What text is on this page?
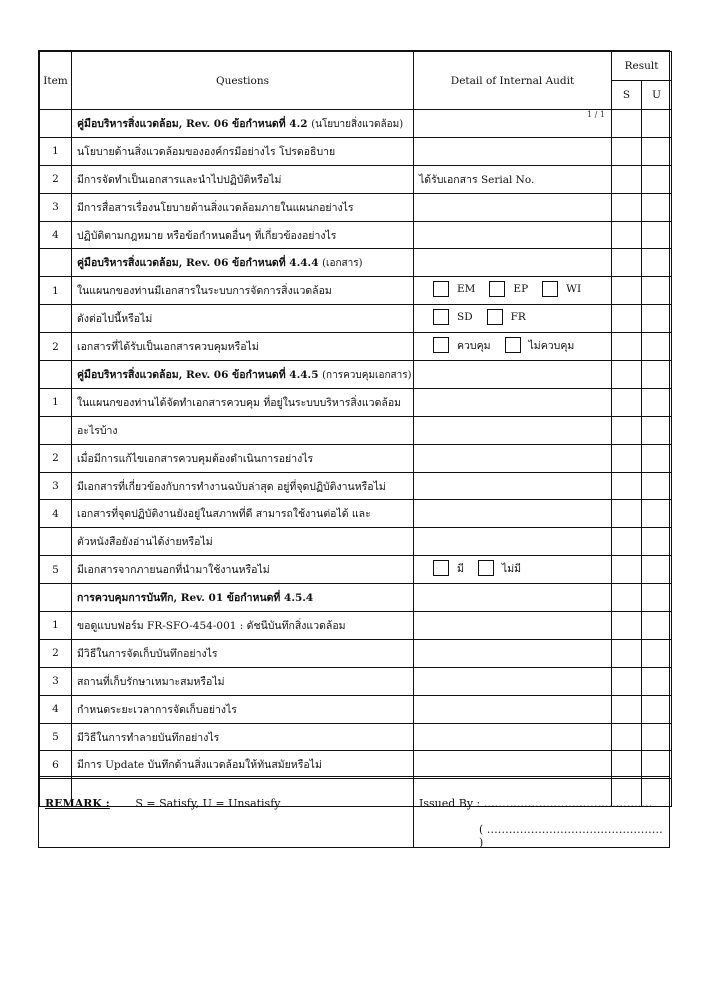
Item	Questions	Detail of Internal Audit	Result	
			S	U
	คู่มือบริหารสิ่งแวดล้อม, Rev. 06 ข้อกำหนดที่ 4.2 (นโยบายสิ่งแวดล้อม)	1 / 1		

1	นโยบายด้านสิ่งแวดล้อมขององค์กรมีอย่างไร โปรดอธิบาย			
2	มีการจัดทำเป็นเอกสารและนำไปปฏิบัติหรือไม่	ได้รับเอกสาร Serial No.		
3	มีการสื่อสารเรื่องนโยบายด้านสิ่งแวดล้อมภายในแผนกอย่างไร			
4	ปฏิบัติตามกฎหมาย หรือข้อกำหนดอื่นๆ ที่เกี่ยวข้องอย่างไร			
	คู่มือบริหารสิ่งแวดล้อม, Rev. 06 ข้อกำหนดที่ 4.4.4 (เอกสาร)			
1	ในแผนกของท่านมีเอกสารในระบบการจัดการสิ่งแวดล้อม	EM EP WI		

	ดังต่อไปนี้หรือไม่	SD FR		

2	เอกสารที่ได้รับเป็นเอกสารควบคุมหรือไม่	ควบคุม ไม่ควบคุม		

	คู่มือบริหารสิ่งแวดล้อม, Rev. 06 ข้อกำหนดที่ 4.4.5 (การควบคุมเอกสาร)			
1	ในแผนกของท่านได้จัดทำเอกสารควบคุม ที่อยู่ในระบบบริหารสิ่งแวดล้อม			
	อะไรบ้าง			
2	เมื่อมีการแก้ไขเอกสารควบคุมต้องดำเนินการอย่างไร			
3	มีเอกสารที่เกี่ยวข้องกับการทำงานฉบับล่าสุด อยู่ที่จุดปฏิบัติงานหรือไม่			
4	เอกสารที่จุดปฏิบัติงานยังอยู่ในสภาพที่ดี สามารถใช้งานต่อได้ และ			
	ตัวหนังสือยังอ่านได้ง่ายหรือไม่			
5	มีเอกสารจากภายนอกที่นำมาใช้งานหรือไม่	มี ไม่มี		

	การควบคุมการบันทึก, Rev. 01 ข้อกำหนดที่ 4.5.4			
1	ขอดูแบบฟอร์ม FR-SFO-454-001 : ดัชนีบันทึกสิ่งแวดล้อม			
2	มีวิธีในการจัดเก็บบันทึกอย่างไร			
3	สถานที่เก็บรักษาเหมาะสมหรือไม่			
4	กำหนดระยะเวลาการจัดเก็บอย่างไร			
5	มีวิธีในการทำลายบันทึกอย่างไร			
6	มีการ Update บันทึกด้านสิ่งแวดล้อมให้ทันสมัยหรือไม่			

REMARK : S = Satisfy, U = Unsatisfy	Issued By : ……………………………………….
( ………………………………………… )
